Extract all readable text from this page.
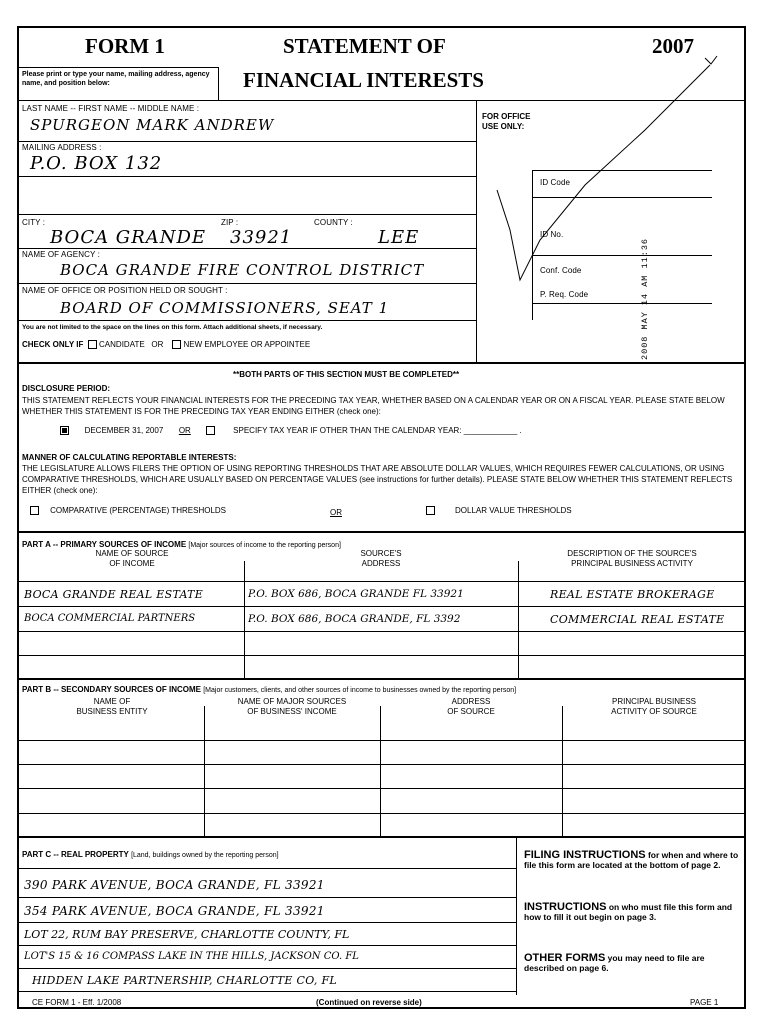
FORM 1	STATEMENT OF	2007
Please print or type your name, mailing address, agency name, and position below:	FINANCIAL INTERESTS
LAST NAME -- FIRST NAME -- MIDDLE NAME :
SPURGEON MARK ANDREW
MAILING ADDRESS :
P.O. BOX 132
CITY :
BOCA GRANDE
ZIP :
33921
COUNTY :
LEE
NAME OF AGENCY :
BOCA GRANDE FIRE CONTROL DISTRICT
NAME OF OFFICE OR POSITION HELD OR SOUGHT :
BOARD OF COMMISSIONERS, SEAT 1
You are not limited to the space on the lines on this form. Attach additional sheets, if necessary.
CHECK ONLY IF CANDIDATE OR	NEW EMPLOYEE OR APPOINTEE
FOR OFFICE USE ONLY:
ID Code
ID No.
Conf. Code
P. Req. Code	2008 MAY 14 AM 11:36
**BOTH PARTS OF THIS SECTION MUST BE COMPLETED**
DISCLOSURE PERIOD:
THIS STATEMENT REFLECTS YOUR FINANCIAL INTERESTS FOR THE PRECEDING TAX YEAR, WHETHER BASED ON A CALENDAR YEAR OR ON A FISCAL YEAR. PLEASE STATE BELOW WHETHER THIS STATEMENT IS FOR THE PRECEDING TAX YEAR ENDING EITHER (check one):
DECEMBER 31, 2007 OR	SPECIFY TAX YEAR IF OTHER THAN THE CALENDAR YEAR: ____________ .
MANNER OF CALCULATING REPORTABLE INTERESTS:
THE LEGISLATURE ALLOWS FILERS THE OPTION OF USING REPORTING THRESHOLDS THAT ARE ABSOLUTE DOLLAR VALUES, WHICH REQUIRES FEWER CALCULATIONS, OR USING COMPARATIVE THRESHOLDS, WHICH ARE USUALLY BASED ON PERCENTAGE VALUES (see instructions for further details). PLEASE STATE BELOW WHETHER THIS STATEMENT REFLECTS EITHER (check one):
COMPARATIVE (PERCENTAGE) THRESHOLDS	OR	DOLLAR VALUE THRESHOLDS
PART A -- PRIMARY SOURCES OF INCOME [Major sources of income to the reporting person]
NAME OF SOURCE
OF INCOME
SOURCE'S
ADDRESS
DESCRIPTION OF THE SOURCE'S
PRINCIPAL BUSINESS ACTIVITY
BOCA GRANDE REAL ESTATE	P.O. BOX 686, BOCA GRANDE FL 33921	REAL ESTATE BROKERAGE
BOCA COMMERCIAL PARTNERS	P.O. BOX 686, BOCA GRANDE, FL 3392	COMMERCIAL REAL ESTATE
PART B -- SECONDARY SOURCES OF INCOME [Major customers, clients, and other sources of income to businesses owned by the reporting person]
NAME OF
BUSINESS ENTITY
NAME OF MAJOR SOURCES
OF BUSINESS' INCOME
ADDRESS
OF SOURCE
PRINCIPAL BUSINESS
ACTIVITY OF SOURCE
PART C -- REAL PROPERTY [Land, buildings owned by the reporting person]
390 PARK AVENUE, BOCA GRANDE, FL 33921
354 PARK AVENUE, BOCA GRANDE, FL 33921
LOT 22, RUM BAY PRESERVE, CHARLOTTE COUNTY, FL
LOT'S 15 & 16 COMPASS LAKE IN THE HILLS, JACKSON CO. FL
HIDDEN LAKE PARTNERSHIP, CHARLOTTE CO, FL
FILING INSTRUCTIONS for when and where to file this form are located at the bottom of page 2.
INSTRUCTIONS on who must file this form and how to fill it out begin on page 3.
OTHER FORMS you may need to file are described on page 6.
CE FORM 1 - Eff. 1/2008	(Continued on reverse side)	PAGE 1
